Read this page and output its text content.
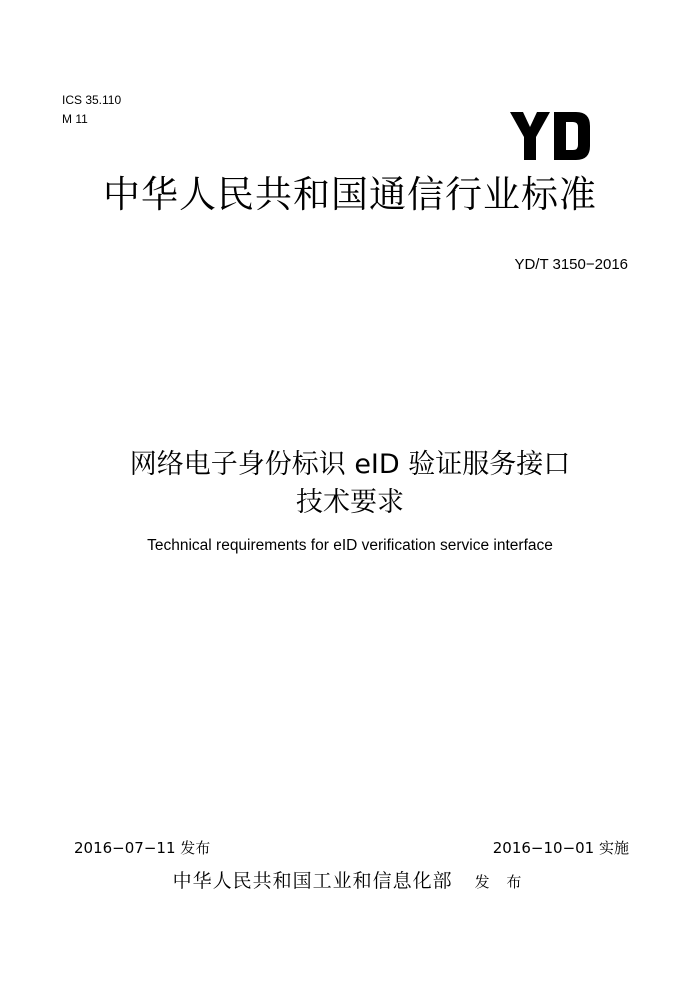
ICS 35.110
M 11
中华人民共和国通信行业标准
YD/T 3150−2016
网络电子身份标识 eID 验证服务接口
技术要求
Technical requirements for eID verification service interface
2016−07−11 发布	2016−10−01 实施
中华人民共和国工业和信息化部 发 布
